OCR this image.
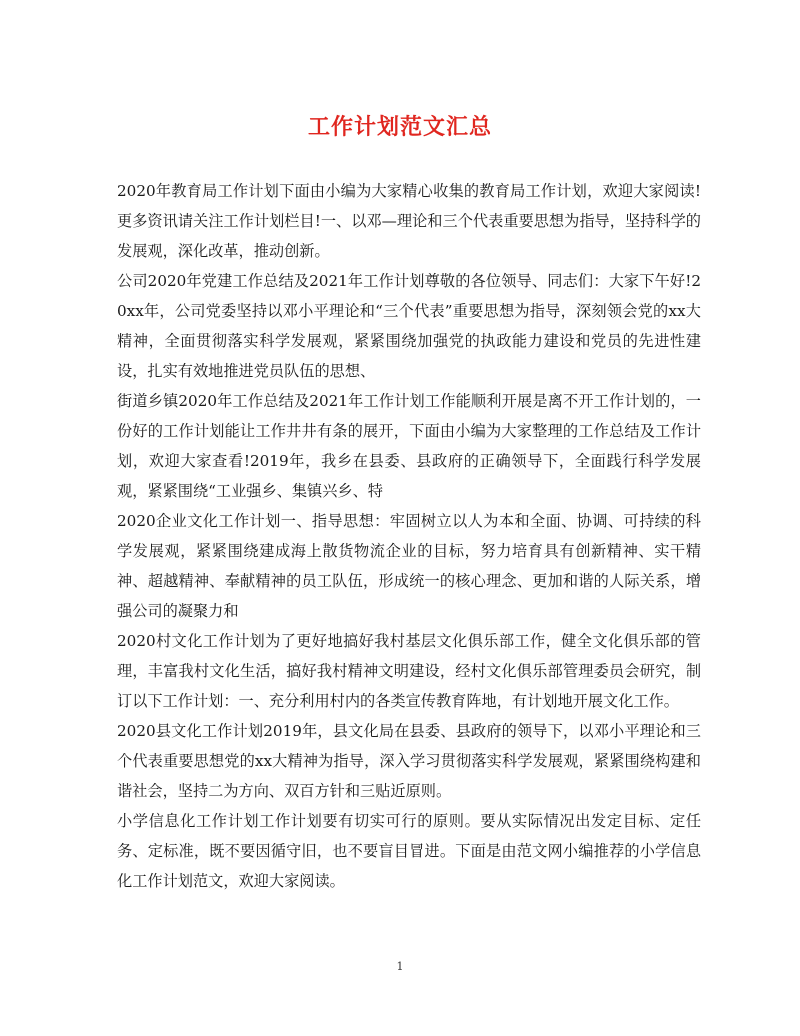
工作计划范文汇总

2020年教育局工作计划下面由小编为大家精心收集的教育局工作计划，欢迎大家阅读!更多资讯请关注工作计划栏目!一、以邓—理论和三个代表重要思想为指导，坚持科学的发展观，深化改革，推动创新。

公司2020年党建工作总结及2021年工作计划尊敬的各位领导、同志们：大家下午好!20xx年，公司党委坚持以邓小平理论和“三个代表”重要思想为指导，深刻领会党的xx大精神，全面贯彻落实科学发展观，紧紧围绕加强党的执政能力建设和党员的先进性建设，扎实有效地推进党员队伍的思想、

街道乡镇2020年工作总结及2021年工作计划工作能顺利开展是离不开工作计划的，一份好的工作计划能让工作井井有条的展开，下面由小编为大家整理的工作总结及工作计划，欢迎大家查看!2019年，我乡在县委、县政府的正确领导下，全面践行科学发展观，紧紧围绕“工业强乡、集镇兴乡、特

2020企业文化工作计划一、指导思想：牢固树立以人为本和全面、协调、可持续的科学发展观，紧紧围绕建成海上散货物流企业的目标，努力培育具有创新精神、实干精神、超越精神、奉献精神的员工队伍，形成统一的核心理念、更加和谐的人际关系，增强公司的凝聚力和

2020村文化工作计划为了更好地搞好我村基层文化俱乐部工作，健全文化俱乐部的管理，丰富我村文化生活，搞好我村精神文明建设，经村文化俱乐部管理委员会研究，制订以下工作计划：一、充分利用村内的各类宣传教育阵地，有计划地开展文化工作。

2020县文化工作计划2019年，县文化局在县委、县政府的领导下，以邓小平理论和三个代表重要思想党的xx大精神为指导，深入学习贯彻落实科学发展观，紧紧围绕构建和谐社会，坚持二为方向、双百方针和三贴近原则。

小学信息化工作计划工作计划要有切实可行的原则。要从实际情况出发定目标、定任务、定标准，既不要因循守旧，也不要盲目冒进。下面是由范文网小编推荐的小学信息化工作计划范文，欢迎大家阅读。

1
